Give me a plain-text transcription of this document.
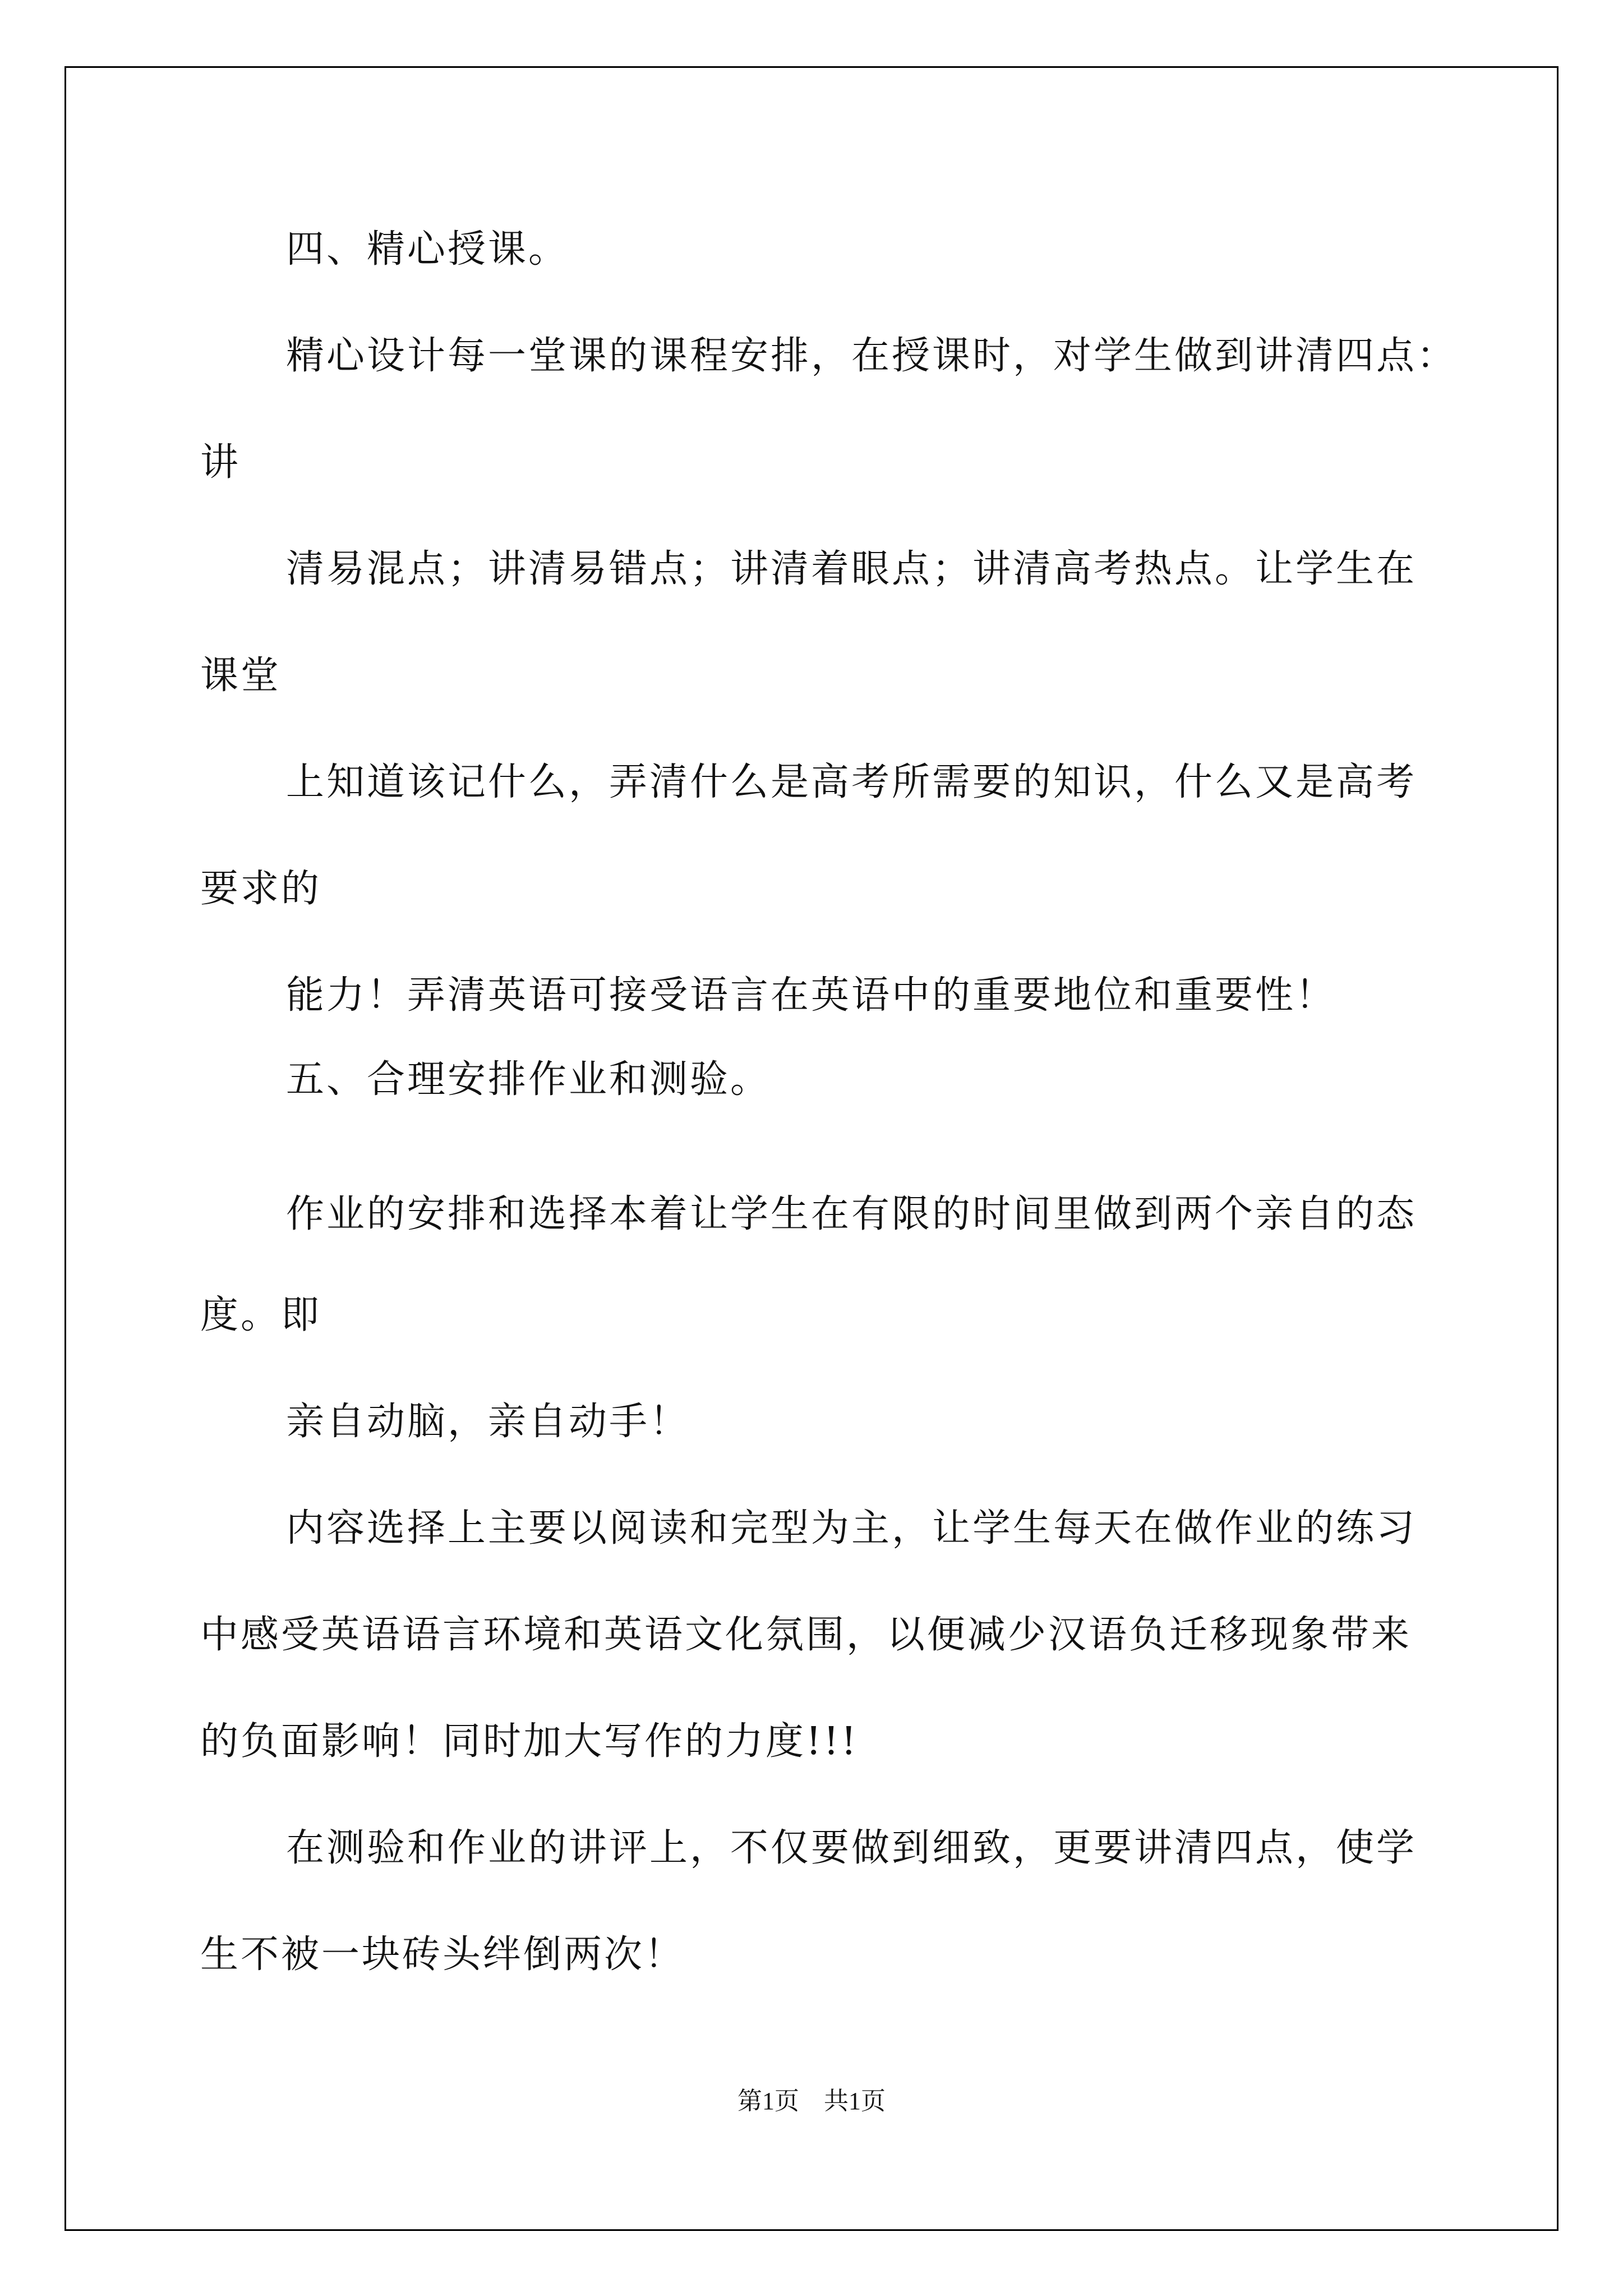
四、精心授课。

精心设计每一堂课的课程安排，在授课时，对学生做到讲清四点：

讲

清易混点；讲清易错点；讲清着眼点；讲清高考热点。让学生在

课堂

上知道该记什么，弄清什么是高考所需要的知识，什么又是高考

要求的

能力！弄清英语可接受语言在英语中的重要地位和重要性！

五、合理安排作业和测验。

作业的安排和选择本着让学生在有限的时间里做到两个亲自的态

度。即

亲自动脑，亲自动手！

内容选择上主要以阅读和完型为主，让学生每天在做作业的练习

中感受英语语言环境和英语文化氛围，以便减少汉语负迁移现象带来

的负面影响！同时加大写作的力度!!!

在测验和作业的讲评上，不仅要做到细致，更要讲清四点，使学

生不被一块砖头绊倒两次！

第1页　共1页
